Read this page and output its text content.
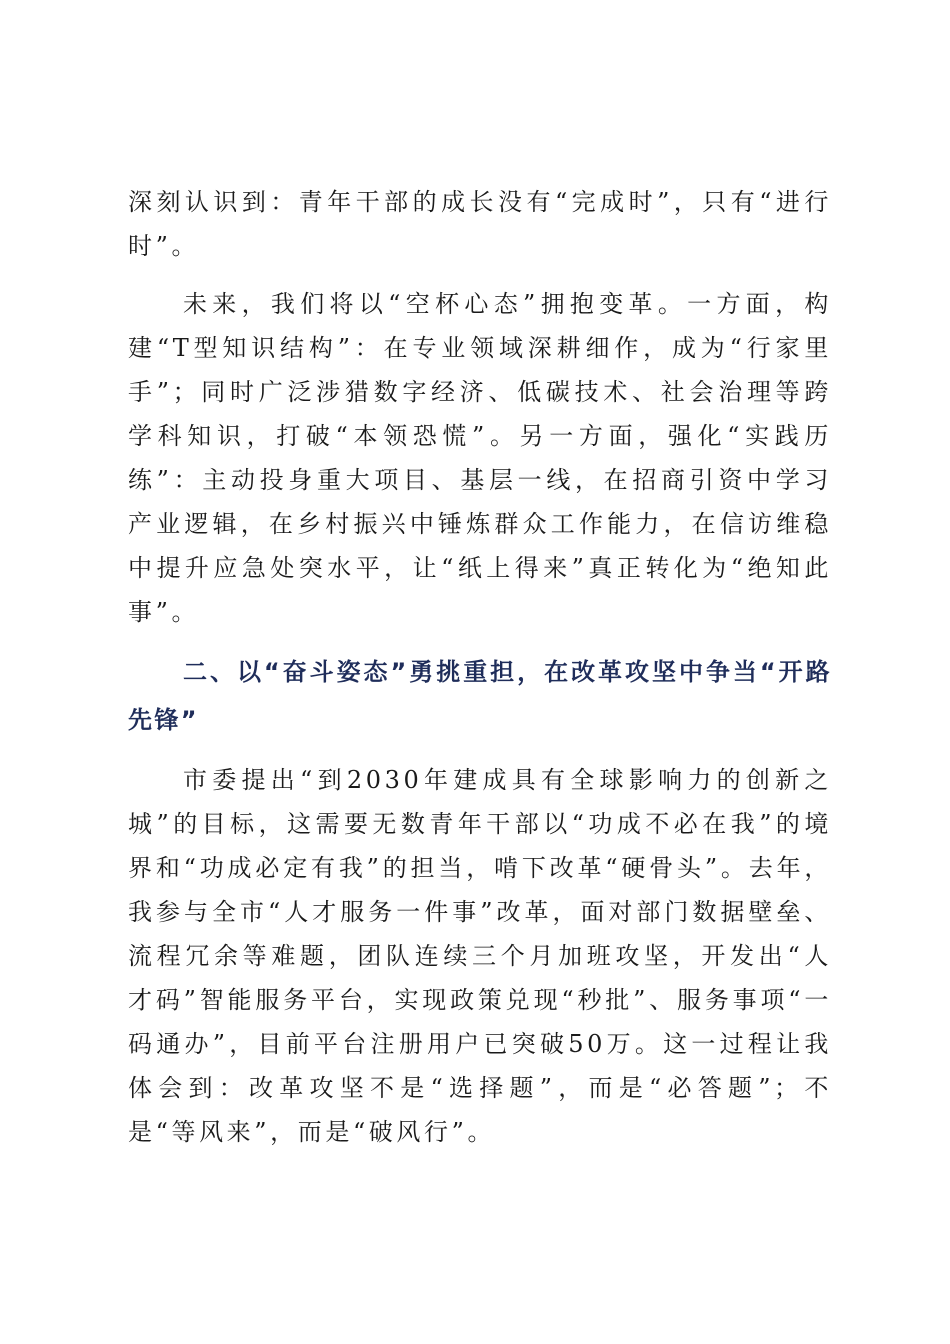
深刻认识到：青年干部的成长没有“完成时”，只有“进行时”。

未来，我们将以“空杯心态”拥抱变革。一方面，构建“T型知识结构”：在专业领域深耕细作，成为“行家里手”；同时广泛涉猎数字经济、低碳技术、社会治理等跨学科知识，打破“本领恐慌”。另一方面，强化“实践历练”：主动投身重大项目、基层一线，在招商引资中学习产业逻辑，在乡村振兴中锤炼群众工作能力，在信访维稳中提升应急处突水平，让“纸上得来”真正转化为“绝知此事”。

二、以“奋斗姿态”勇挑重担，在改革攻坚中争当“开路先锋”

市委提出“到2030年建成具有全球影响力的创新之城”的目标，这需要无数青年干部以“功成不必在我”的境界和“功成必定有我”的担当，啃下改革“硬骨头”。去年，我参与全市“人才服务一件事”改革，面对部门数据壁垒、流程冗余等难题，团队连续三个月加班攻坚，开发出“人才码”智能服务平台，实现政策兑现“秒批”、服务事项“一码通办”，目前平台注册用户已突破50万。这一过程让我体会到：改革攻坚不是“选择题”，而是“必答题”；不是“等风来”，而是“破风行”。
